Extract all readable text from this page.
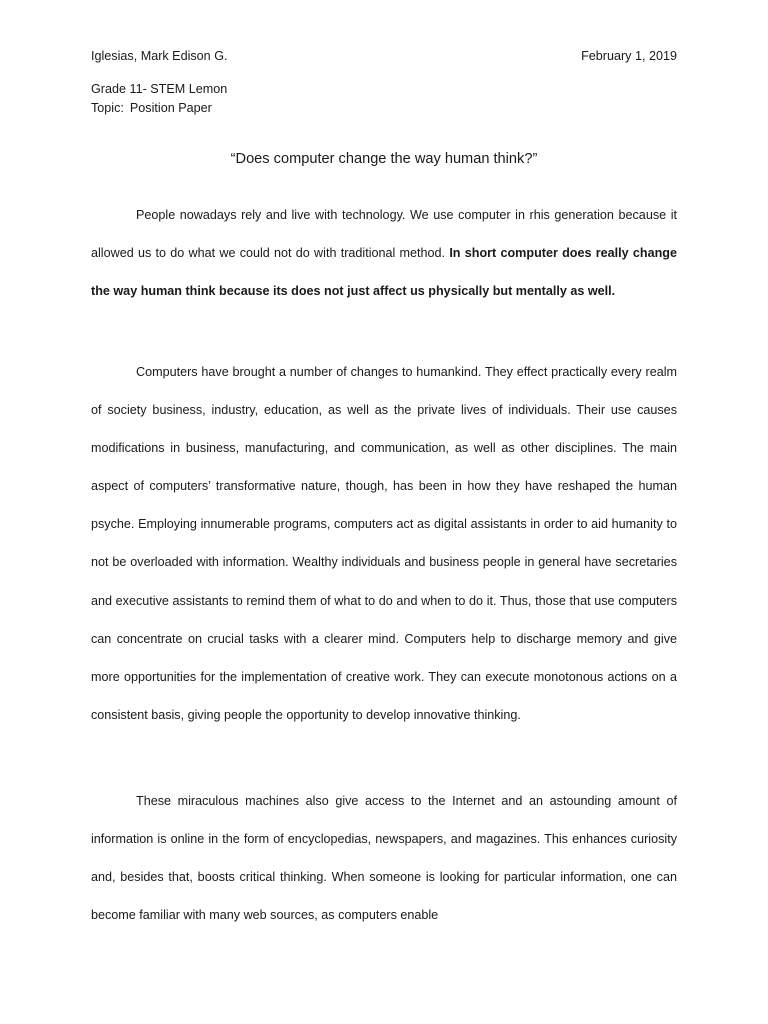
Iglesias, Mark Edison G.	February 1, 2019
Grade 11- STEM Lemon
Topic: Position Paper
“Does computer change the way human think?”

People nowadays rely and live with technology. We use computer in rhis generation because it allowed us to do what we could not do with traditional method. In short computer does really change the way human think because its does not just affect us physically but mentally as well.

Computers have brought a number of changes to humankind. They effect practically every realm of society business, industry, education, as well as the private lives of individuals. Their use causes modifications in business, manufacturing, and communication, as well as other disciplines. The main aspect of computers’ transformative nature, though, has been in how they have reshaped the human psyche. Employing innumerable programs, computers act as digital assistants in order to aid humanity to not be overloaded with information. Wealthy individuals and business people in general have secretaries and executive assistants to remind them of what to do and when to do it. Thus, those that use computers can concentrate on crucial tasks with a clearer mind. Computers help to discharge memory and give more opportunities for the implementation of creative work. They can execute monotonous actions on a consistent basis, giving people the opportunity to develop innovative thinking.

These miraculous machines also give access to the Internet and an astounding amount of information is online in the form of encyclopedias, newspapers, and magazines. This enhances curiosity and, besides that, boosts critical thinking. When someone is looking for particular information, one can become familiar with many web sources, as computers enable
